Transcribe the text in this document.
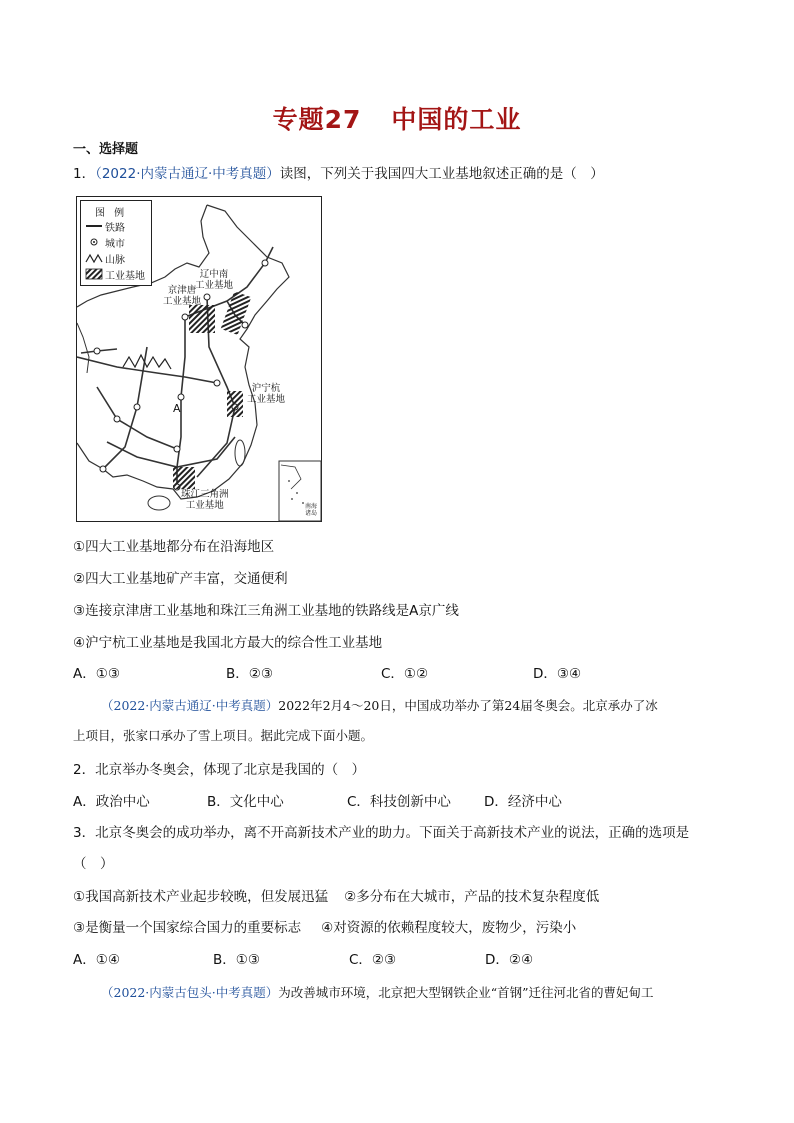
专题27 中国的工业
一、选择题
1．（2022·内蒙古通辽·中考真题）读图，下列关于我国四大工业基地叙述正确的是（　）
图 例
铁路
城市
山脉
工业基地	辽中南
工业基地
京津唐
工业基地
沪宁杭
工业基地
珠江三角洲
工业基地
A
南海
诸岛
①四大工业基地都分布在沿海地区
②四大工业基地矿产丰富，交通便利
③连接京津唐工业基地和珠江三角洲工业基地的铁路线是A京广线
④沪宁杭工业基地是我国北方最大的综合性工业基地
A．①③	B．②③	C．①②	D．③④
（2022·内蒙古通辽·中考真题）2022年2月4～20日，中国成功举办了第24届冬奥会。北京承办了冰
上项目，张家口承办了雪上项目。据此完成下面小题。
2．北京举办冬奥会，体现了北京是我国的（　）
A．政治中心	B．文化中心	C．科技创新中心 D．经济中心
3．北京冬奥会的成功举办，离不开高新技术产业的助力。下面关于高新技术产业的说法，正确的选项是
（　）
①我国高新技术产业起步较晚，但发展迅猛 ②多分布在大城市，产品的技术复杂程度低
③是衡量一个国家综合国力的重要标志 ④对资源的依赖程度较大，废物少，污染小
A．①④	B．①③	C．②③	D．②④
（2022·内蒙古包头·中考真题）为改善城市环境，北京把大型钢铁企业“首钢”迁往河北省的曹妃甸工
